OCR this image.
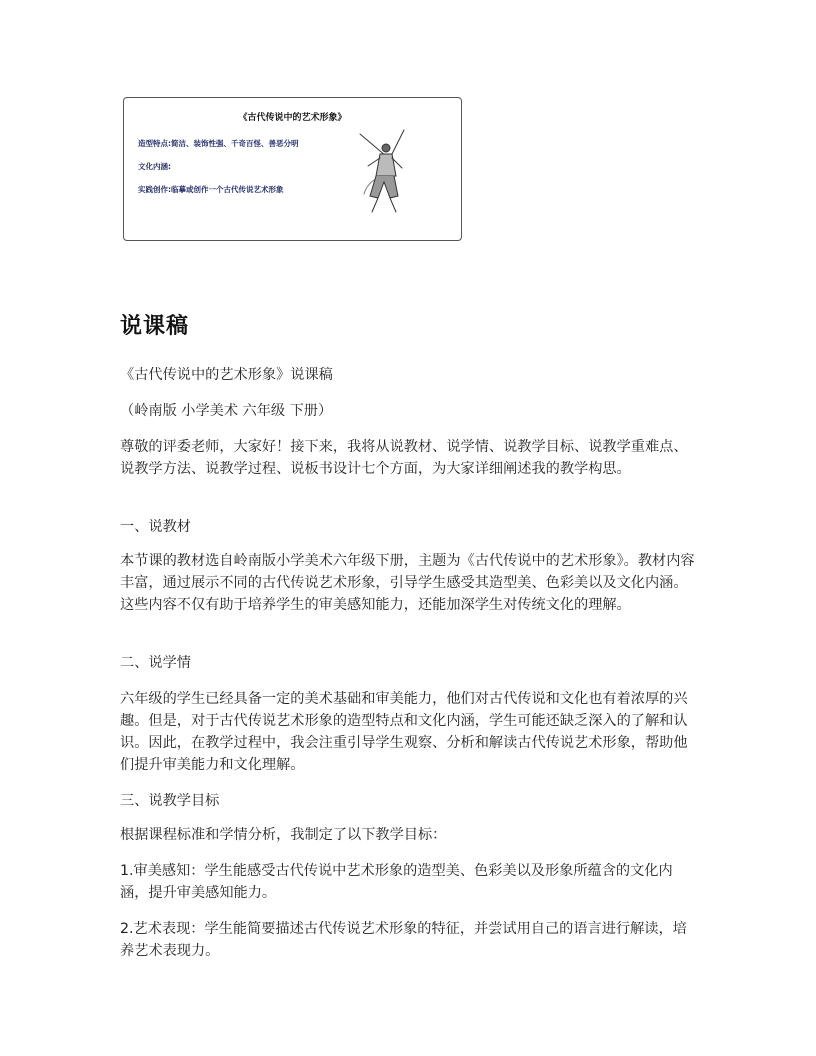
《古代传说中的艺术形象》
造型特点:简洁、装饰性强、千奇百怪、善恶分明
文化内涵:
实践创作:临摹或创作一个古代传说艺术形象
说课稿

《古代传说中的艺术形象》说课稿

（岭南版 小学美术 六年级 下册）

尊敬的评委老师，大家好！接下来，我将从说教材、说学情、说教学目标、说教学重难点、说教学方法、说教学过程、说板书设计七个方面，为大家详细阐述我的教学构思。

一、说教材

本节课的教材选自岭南版小学美术六年级下册，主题为《古代传说中的艺术形象》。教材内容丰富，通过展示不同的古代传说艺术形象，引导学生感受其造型美、色彩美以及文化内涵。这些内容不仅有助于培养学生的审美感知能力，还能加深学生对传统文化的理解。

二、说学情

六年级的学生已经具备一定的美术基础和审美能力，他们对古代传说和文化也有着浓厚的兴趣。但是，对于古代传说艺术形象的造型特点和文化内涵，学生可能还缺乏深入的了解和认识。因此，在教学过程中，我会注重引导学生观察、分析和解读古代传说艺术形象，帮助他们提升审美能力和文化理解。

三、说教学目标

根据课程标准和学情分析，我制定了以下教学目标：

1.审美感知：学生能感受古代传说中艺术形象的造型美、色彩美以及形象所蕴含的文化内涵，提升审美感知能力。

2.艺术表现：学生能简要描述古代传说艺术形象的特征，并尝试用自己的语言进行解读，培养艺术表现力。
